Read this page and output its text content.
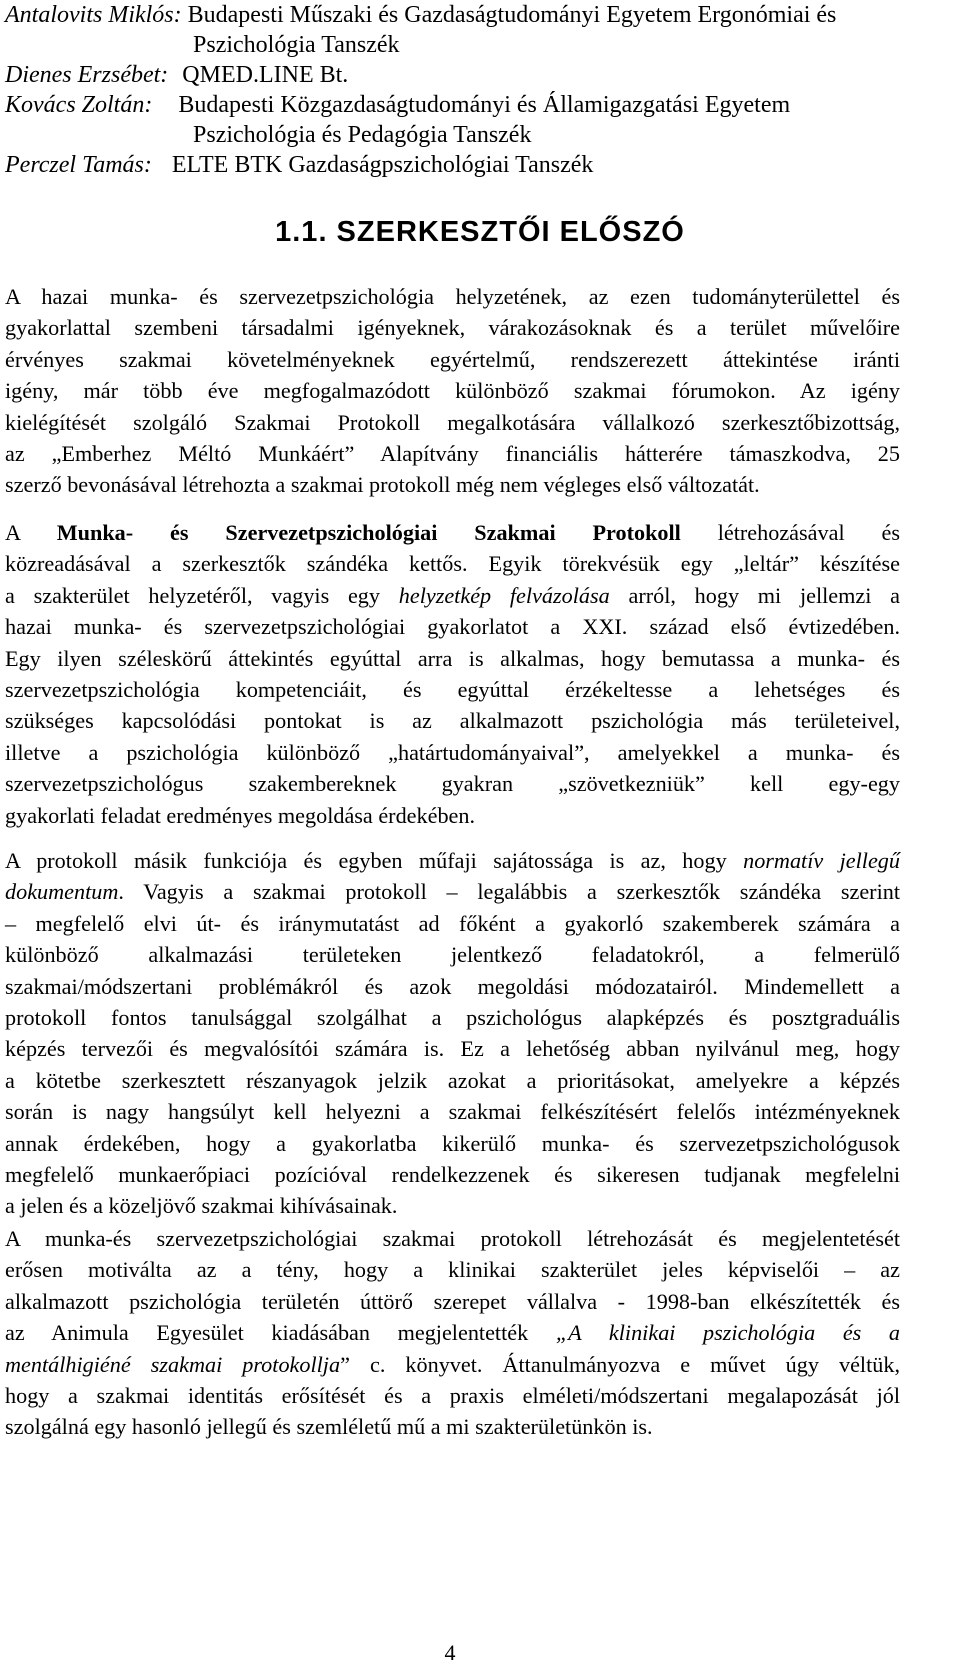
Antalovits Miklós: Budapesti Műszaki és Gazdaságtudományi Egyetem Ergonómiai és
Pszichológia Tanszék
Dienes Erzsébet: QMED.LINE Bt.
Kovács Zoltán: Budapesti Közgazdaságtudományi és Államigazgatási Egyetem
Pszichológia és Pedagógia Tanszék
Perczel Tamás: ELTE BTK Gazdaságpszichológiai Tanszék
1.1. SZERKESZTŐI ELŐSZÓ
A hazai munka- és szervezetpszichológia helyzetének, az ezen tudományterülettel és
gyakorlattal szembeni társadalmi igényeknek, várakozásoknak és a terület művelőire
érvényes szakmai követelményeknek egyértelmű, rendszerezett áttekintése iránti
igény, már több éve megfogalmazódott különböző szakmai fórumokon. Az igény
kielégítését szolgáló Szakmai Protokoll megalkotására vállalkozó szerkesztőbizottság,
az „Emberhez Méltó Munkáért” Alapítvány financiális hátterére támaszkodva, 25
szerző bevonásával létrehozta a szakmai protokoll még nem végleges első változatát.
A Munka- és Szervezetpszichológiai Szakmai Protokoll létrehozásával és
közreadásával a szerkesztők szándéka kettős. Egyik törekvésük egy „leltár” készítése
a szakterület helyzetéről, vagyis egy helyzetkép felvázolása arról, hogy mi jellemzi a
hazai munka- és szervezetpszichológiai gyakorlatot a XXI. század első évtizedében.
Egy ilyen széleskörű áttekintés egyúttal arra is alkalmas, hogy bemutassa a munka- és
szervezetpszichológia kompetenciáit, és egyúttal érzékeltesse a lehetséges és
szükséges kapcsolódási pontokat is az alkalmazott pszichológia más területeivel,
illetve a pszichológia különböző „határtudományaival”, amelyekkel a munka- és
szervezetpszichológus szakembereknek gyakran „szövetkezniük” kell egy-egy
gyakorlati feladat eredményes megoldása érdekében.
A protokoll másik funkciója és egyben műfaji sajátossága is az, hogy normatív jellegű
dokumentum. Vagyis a szakmai protokoll – legalábbis a szerkesztők szándéka szerint
– megfelelő elvi út- és iránymutatást ad főként a gyakorló szakemberek számára a
különböző alkalmazási területeken jelentkező feladatokról, a felmerülő
szakmai/módszertani problémákról és azok megoldási módozatairól. Mindemellett a
protokoll fontos tanulsággal szolgálhat a pszichológus alapképzés és posztgraduális
képzés tervezői és megvalósítói számára is. Ez a lehetőség abban nyilvánul meg, hogy
a kötetbe szerkesztett részanyagok jelzik azokat a prioritásokat, amelyekre a képzés
során is nagy hangsúlyt kell helyezni a szakmai felkészítésért felelős intézményeknek
annak érdekében, hogy a gyakorlatba kikerülő munka- és szervezetpszichológusok
megfelelő munkaerőpiaci pozícióval rendelkezzenek és sikeresen tudjanak megfelelni
a jelen és a közeljövő szakmai kihívásainak.
A munka-és szervezetpszichológiai szakmai protokoll létrehozását és megjelentetését
erősen motiválta az a tény, hogy a klinikai szakterület jeles képviselői – az
alkalmazott pszichológia területén úttörő szerepet vállalva - 1998-ban elkészítették és
az Animula Egyesület kiadásában megjelentették „A klinikai pszichológia és a
mentálhigiéné szakmai protokollja” c. könyvet. Áttanulmányozva e művet úgy véltük,
hogy a szakmai identitás erősítését és a praxis elméleti/módszertani megalapozását jól
szolgálná egy hasonló jellegű és szemléletű mű a mi szakterületünkön is.
4
